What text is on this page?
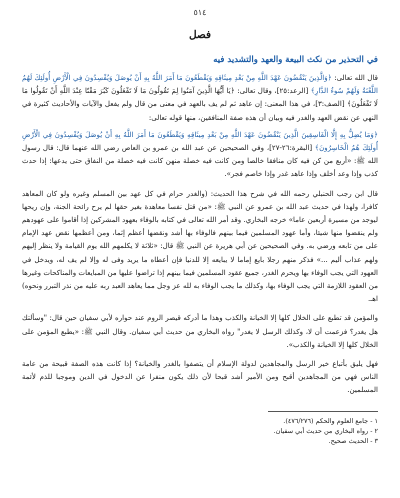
٥١٤
فصل
في التحذير من نكث البيعة والعهد والتشديد فيه

قال الله تعالى: ﴿وَالَّذِينَ يَنْقُضُونَ عَهْدَ اللَّهِ مِنْ بَعْدِ مِيثَاقِهِ وَيَقْطَعُونَ مَا أَمَرَ اللَّهُ بِهِ أَنْ يُوصَلَ وَيُفْسِدُونَ فِي الْأَرْضِ أُولَئِكَ لَهُمُ اللَّعْنَةُ وَلَهُمْ سُوءُ الدَّارِ﴾ [الرعد:٢٥]، وقال تعالى: ﴿يَا أَيُّهَا الَّذِينَ آمَنُوا لِمَ تَقُولُونَ مَا لَا تَفْعَلُونَ كَبُرَ مَقْتًا عِنْدَ اللَّهِ أَنْ تَقُولُوا مَا لَا تَفْعَلُونَ﴾ [الصف:٣]، في هذا المعنى: إن عاهد ثم لم يف بالعهد في معنى من قال ولم يفعل والآيات والأحاديث كثيرة في النهي عن نقض العهد والغدر فيه وبيان أن هذه صفة المنافقين، منها قوله تعالى:

﴿وَمَا يُضِلُّ بِهِ إِلَّا الْفَاسِقِينَ الَّذِينَ يَنْقُضُونَ عَهْدَ اللَّهِ مِنْ بَعْدِ مِيثَاقِهِ وَيَقْطَعُونَ مَا أَمَرَ اللَّهُ بِهِ أَنْ يُوصَلَ وَيُفْسِدُونَ فِي الْأَرْضِ أُولَئِكَ هُمُ الْخَاسِرُونَ﴾ [البقرة:٢٦-٢٧]، وفي الصحيحين عن عبد الله بن عمرو بن العاص رضي الله عنهما قال: قال رسول الله ﷺ: «أربع من كن فيه كان منافقا خالصا ومن كانت فيه خصلة منهن كانت فيه خصلة من النفاق حتى يدعها: إذا حدث كذب وإذا وعد أخلف وإذا عاهد غدر وإذا خاصم فجر».

قال ابن رجب الحنبلي رحمه الله في شرح هذا الحديث: (والغدر حرام في كل عهد بين المسلم وغيره ولو كان المعاهد كافرا، ولهذا في حديث عبد الله بن عمرو عن النبي ﷺ: «من قتل نفسا معاهدة بغير حقها لم يرح رائحة الجنة، وإن ريحها ليوجد من مسيرة أربعين عاما» خرجه البخاري. وقد أمر الله تعالى في كتابه بالوفاء بعهود المشركين إذا أقاموا على عهودهم ولم ينقضوا منها شيئا، وأما عهود المسلمين فيما بينهم فالوفاء بها أشد ونقضها أعظم إثما، ومن أعظمها نقض عهد الإمام على من تابعه ورضي به. وفي الصحيحين عن أبي هريرة عن النبي ﷺ قال: «ثلاثة لا يكلمهم الله يوم القيامة ولا ينظر إليهم ولهم عذاب أليم ...» فذكر منهم رجلا بايع إماما لا يبايعه إلا للدنيا فإن أعطاه ما يريد وفى له وإلا لم يف له، ويدخل في العهود التي يجب الوفاء بها ويحرم الغدر، جميع عقود المسلمين فيما بينهم إذا تراضوا عليها من المبايعات والمناكحات وغيرها من العقود اللازمة التي يجب الوفاء بها، وكذلك ما يجب الوفاء به لله عز وجل مما يعاهد العبد ربه عليه من نذر التبرر ونحوه) اهـ.

والمؤمن قد تطبع على الخلال كلها إلا الخيانة والكذب وهذا ما أدركه قيصر الروم عند حواره لأبي سفيان حين قال: "وسألتك هل يغدر؟ فزعمت أن لا، وكذلك الرسل لا يغدر" رواه البخاري من حديث أبي سفيان. وقال النبي ﷺ: «يطبع المؤمن على الخلال كلها إلا الخيانة والكذب».

فهل يليق بأتباع خير الرسل والمجاهدين لدولة الإسلام أن يتصفوا بالغدر والخيانة؟ إذا كانت هذه الصفة قبيحة من عامة الناس فهي من المجاهدين أقبح ومن الأمير أشد قبحا لأن ذلك يكون منفرا عن الدخول في الدين وموجبا للذم لأئمة المسلمين.

١ - جامع العلوم والحكم (٤٧٦/٢٧٦).
٢ - رواه البخاري من حديث أبي سفيان.
٣ - الحديث صحيح.
